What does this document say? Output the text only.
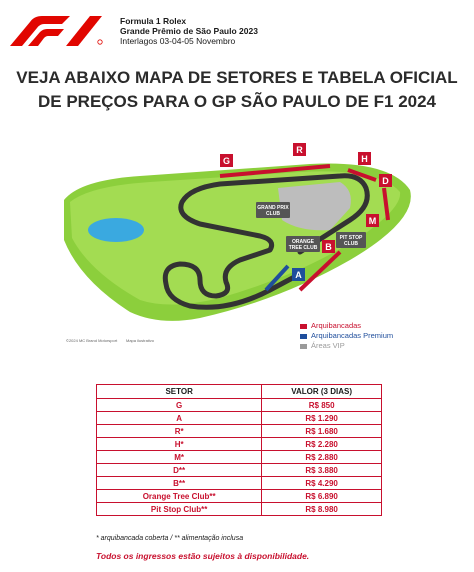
Formula 1 Rolex
Grande Prêmio de São Paulo 2023
Interlagos 03-04-05 Novembro
VEJA ABAIXO MAPA DE SETORES E TABELA OFICIAL
DE PREÇOS PARA O GP SÃO PAULO DE F1 2024
G
R
H
D
M
B
A
GRAND PRIX
CLUB
ORANGE
TREE CLUB
PIT STOP
CLUB
©2024 MC Brand Motorsport Mapa ilustrativo
Arquibancadas
Arquibancadas Premium
Áreas VIP
SETOR	VALOR (3 DIAS)
G	R$ 850
A	R$ 1.290
R*	R$ 1.680
H*	R$ 2.280
M*	R$ 2.880
D**	R$ 3.880
B**	R$ 4.290
Orange Tree Club**	R$ 6.890
Pit Stop Club**	R$ 8.980
* arquibancada coberta / ** alimentação inclusa
Todos os ingressos estão sujeitos à disponibilidade.
